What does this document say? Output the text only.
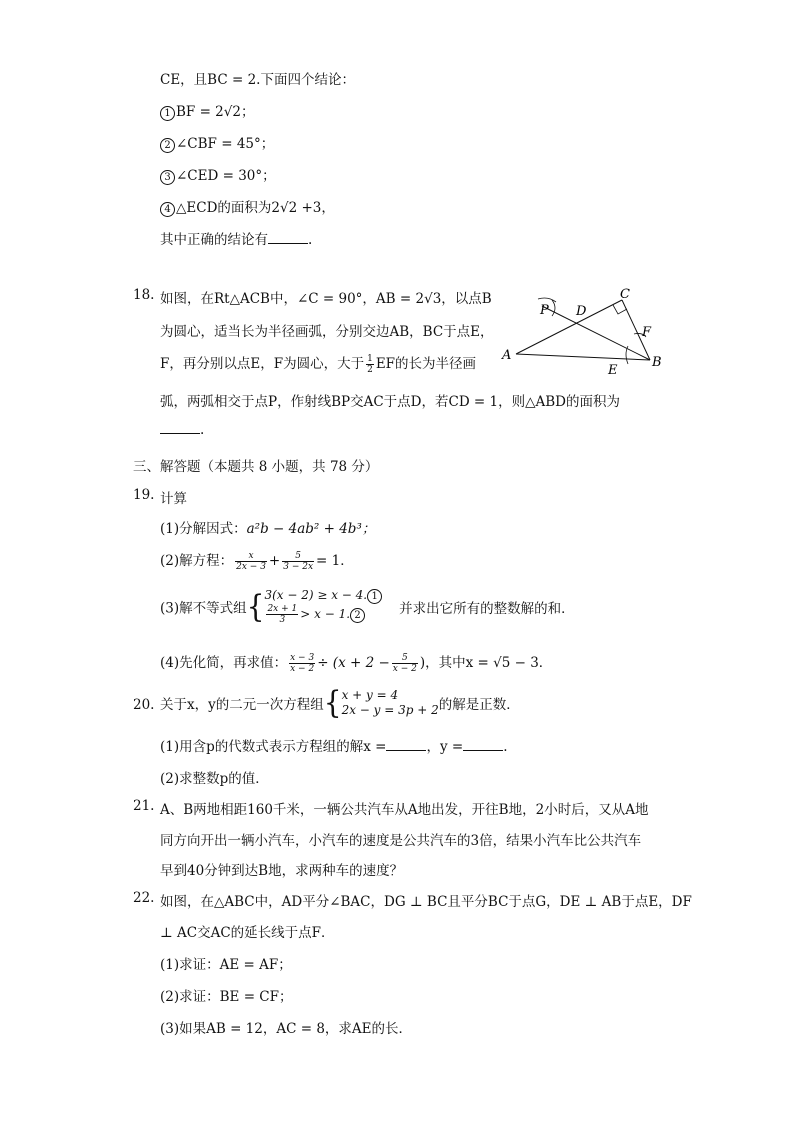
CE，且BC = 2.下面四个结论：
1 BF = 2√2；
2 ∠CBF = 45°；
3 ∠CED = 30°；
4 △ECD的面积为2√2 +3，
其中正确的结论有	.
18. 如图，在Rt△ACB中，∠C = 90°，AB = 2√3，以点B
为圆心，适当长为半径画弧，分别交边AB，BC于点E，
F，再分别以点E，F为圆心，大于 $\frac{1}{2}$ EF的长为半径画
弧，两弧相交于点P，作射线BP交AC于点D，若CD = 1，则△ABD的面积为
.
A	B
C
D
E
F
P
三、解答题（本题共 8 小题，共 78 分）
19. 计算
(1)分解因式：a²b − 4ab² + 4b³；
(2)解方程： $\frac{x}{2x - 3} + \frac{5}{3 - 2x} = 1$．
(3)解不等式组{ 3(x − 2) ≥ x − 4. 1
$\frac{2x + 1}{3} > x - 1$. 2	并求出它所有的整数解的和．
(4)先化简，再求值： $\frac{x - 3}{x - 2} \div (x + 2 - \frac{5}{x - 2}$ )，其中x = √5 − 3．
20. 关于x，y的二元一次方程组{ x + y = 4
2x − y = 3p + 2 的解是正数．
(1)用含p的代数式表示方程组的解x =	，y =	.
(2)求整数p的值．
21. A、B两地相距160千米，一辆公共汽车从A地出发，开往B地，2小时后，又从A地
同方向开出一辆小汽车，小汽车的速度是公共汽车的3倍，结果小汽车比公共汽车
早到40分钟到达B地，求两种车的速度？
22. 如图，在△ABC中，AD平分∠BAC，DG ⊥ BC且平分BC于点G，DE ⊥ AB于点E，DF
⊥ AC交AC的延长线于点F．
(1)求证：AE = AF；
(2)求证：BE = CF；
(3)如果AB = 12，AC = 8，求AE的长．
